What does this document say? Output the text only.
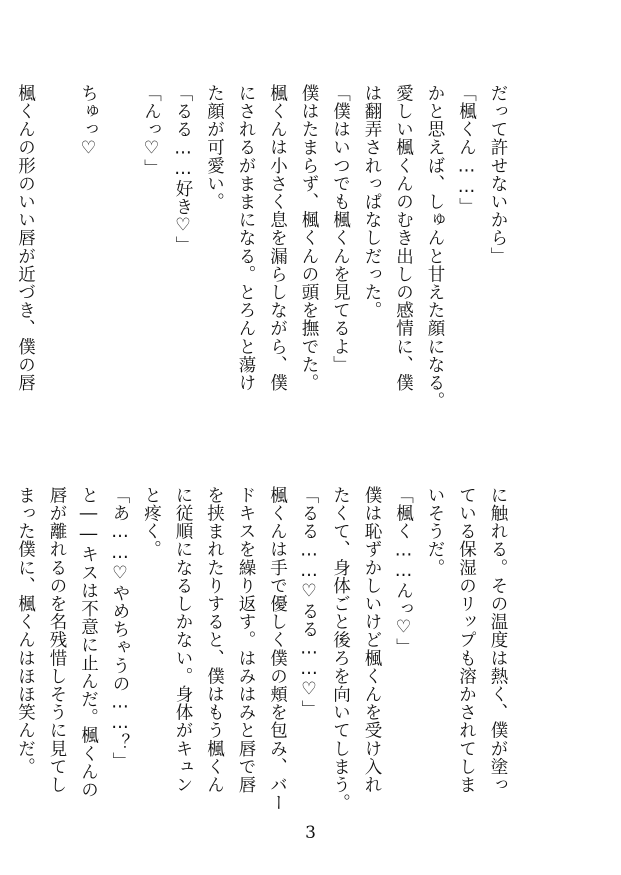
だって許せないから」
「楓くん……」
かと思えば、しゅんと甘えた顔になる。
愛しい楓くんのむき出しの感情に、僕
は翻弄されっぱなしだった。
「僕はいつでも楓くんを見てるよ」
僕はたまらず、楓くんの頭を撫でた。
楓くんは小さく息を漏らしながら、僕
にされるがままになる。とろんと蕩け
た顔が可愛い。
「るる……好き♡」
「んっ♡」
ちゅっ♡
楓くんの形のいい唇が近づき、僕の唇
に触れる。その温度は熱く、僕が塗っ
ている保湿のリップも溶かされてしま
いそうだ。
「楓く……んっ♡」
僕は恥ずかしいけど楓くんを受け入れ
たくて、身体ごと後ろを向いてしまう。
「るる……♡るる……♡」
楓くんは手で優しく僕の頬を包み、バー
ドキスを繰り返す。はみはみと唇で唇
を挟まれたりすると、僕はもう楓くん
に従順になるしかない。身体がキュン
と疼く。
「あ……♡やめちゃうの……？」
と――キスは不意に止んだ。楓くんの
唇が離れるのを名残惜しそうに見てし
まった僕に、楓くんはほほ笑んだ。
3
